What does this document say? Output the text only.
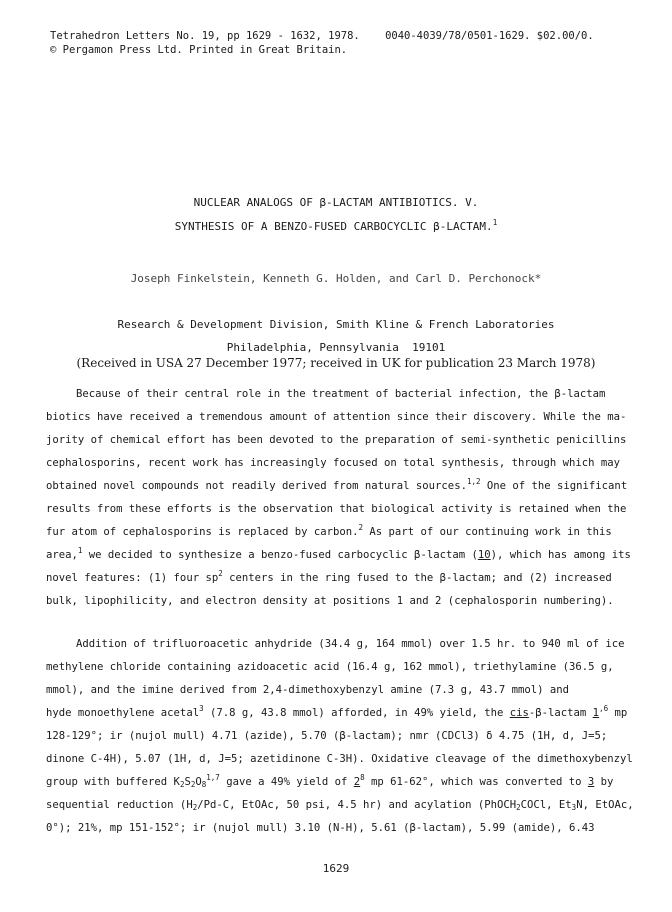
Tetrahedron Letters No. 19, pp 1629 - 1632, 1978. 0040-4039/78/0501-1629. $02.00/0.
© Pergamon Press Ltd. Printed in Great Britain.
NUCLEAR ANALOGS OF β-LACTAM ANTIBIOTICS. V.
SYNTHESIS OF A BENZO-FUSED CARBOCYCLIC β-LACTAM.$^1$
Joseph Finkelstein, Kenneth G. Holden, and Carl D. Perchonock*
Research & Development Division, Smith Kline & French Laboratories
Philadelphia, Pennsylvania  19101
(Received in USA 27 December 1977; received in UK for publication 23 March 1978)
Because of their central role in the treatment of bacterial infection, the β-lactam
biotics have received a tremendous amount of attention since their discovery. While the ma-
jority of chemical effort has been devoted to the preparation of semi-synthetic penicillins
cephalosporins, recent work has increasingly focused on total synthesis, through which may
obtained novel compounds not readily derived from natural sources.$^{1,2}$ One of the significant
results from these efforts is the observation that biological activity is retained when the
fur atom of cephalosporins is replaced by carbon.$^2$ As part of our continuing work in this
area,$^1$ we decided to synthesize a benzo-fused carbocyclic β-lactam (10), which has among its
novel features: (1) four $sp^2$ centers in the ring fused to the β-lactam; and (2) increased
bulk, lipophilicity, and electron density at positions 1 and 2 (cephalosporin numbering).
Addition of trifluoroacetic anhydride (34.4 g, 164 mmol) over 1.5 hr. to 940 ml of ice
methylene chloride containing azidoacetic acid (16.4 g, 162 mmol), triethylamine (36.5 g,
mmol), and the imine derived from 2,4-dimethoxybenzyl amine (7.3 g, 43.7 mmol) and
hyde monoethylene acetal$^3$ (7.8 g, 43.8 mmol) afforded, in 49% yield, the cis-β-lactam $1^{,6}$ mp
128-129°; ir (nujol mull) 4.71 (azide), 5.70 (β-lactam); nmr (CDCl3) δ 4.75 (1H, d, J=5;
dinone C-4H), 5.07 (1H, d, J=5; azetidinone C-3H). Oxidative cleavage of the dimethoxybenzyl
group with buffered $K_2S_2O_8^{1,7}$ gave a 49% yield of $2^8$ mp 61-62°, which was converted to 3 by
sequential reduction ($H_2/Pd-C$, EtOAc, 50 psi, 4.5 hr) and acylation (PhOCH$_2$COCl, $Et_3N$, EtOAc,
0°); 21%, mp 151-152°; ir (nujol mull) 3.10 (N-H), 5.61 (β-lactam), 5.99 (amide), 6.43
1629
